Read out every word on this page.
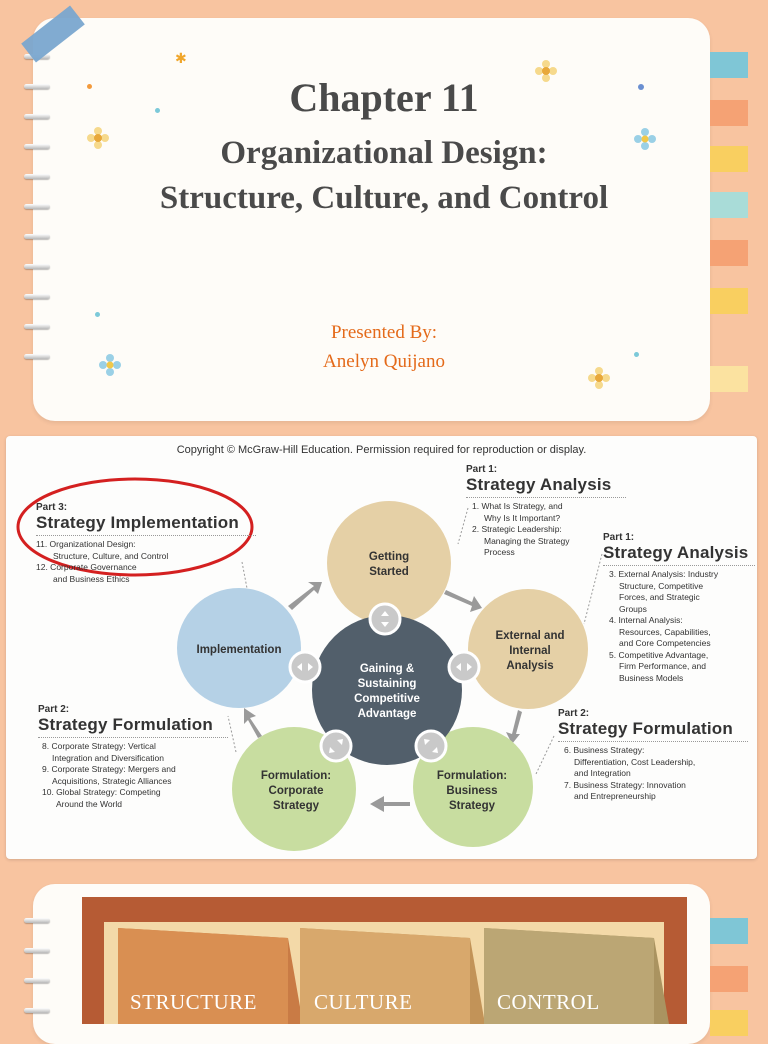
✱
Chapter 11
Organizational Design:
Structure, Culture, and Control
Presented By:
Anelyn Quijano
Copyright © McGraw-Hill Education. Permission required for reproduction or display.
Getting Started
External and Internal Analysis
Formulation: Business Strategy
Formulation: Corporate Strategy
Implementation
Gaining & Sustaining Competitive Advantage
Part 3:
Strategy Implementation
11. Organizational Design:
Structure, Culture, and Control
12. Corporate Governance
and Business Ethics
Part 1:
Strategy Analysis
1. What Is Strategy, and
Why Is It Important?
2. Strategic Leadership:
Managing the Strategy
Process
Part 1:
Strategy Analysis
3. External Analysis: Industry
Structure, Competitive
Forces, and Strategic
Groups
4. Internal Analysis:
Resources, Capabilities,
and Core Competencies
5. Competitive Advantage,
Firm Performance, and
Business Models
Part 2:
Strategy Formulation
8. Corporate Strategy: Vertical
Integration and Diversification
9. Corporate Strategy: Mergers and
Acquisitions, Strategic Alliances
10. Global Strategy: Competing
Around the World
Part 2:
Strategy Formulation
6. Business Strategy:
Differentiation, Cost Leadership,
and Integration
7. Business Strategy: Innovation
and Entrepreneurship
STRUCTURE	CULTURE	CONTROL
